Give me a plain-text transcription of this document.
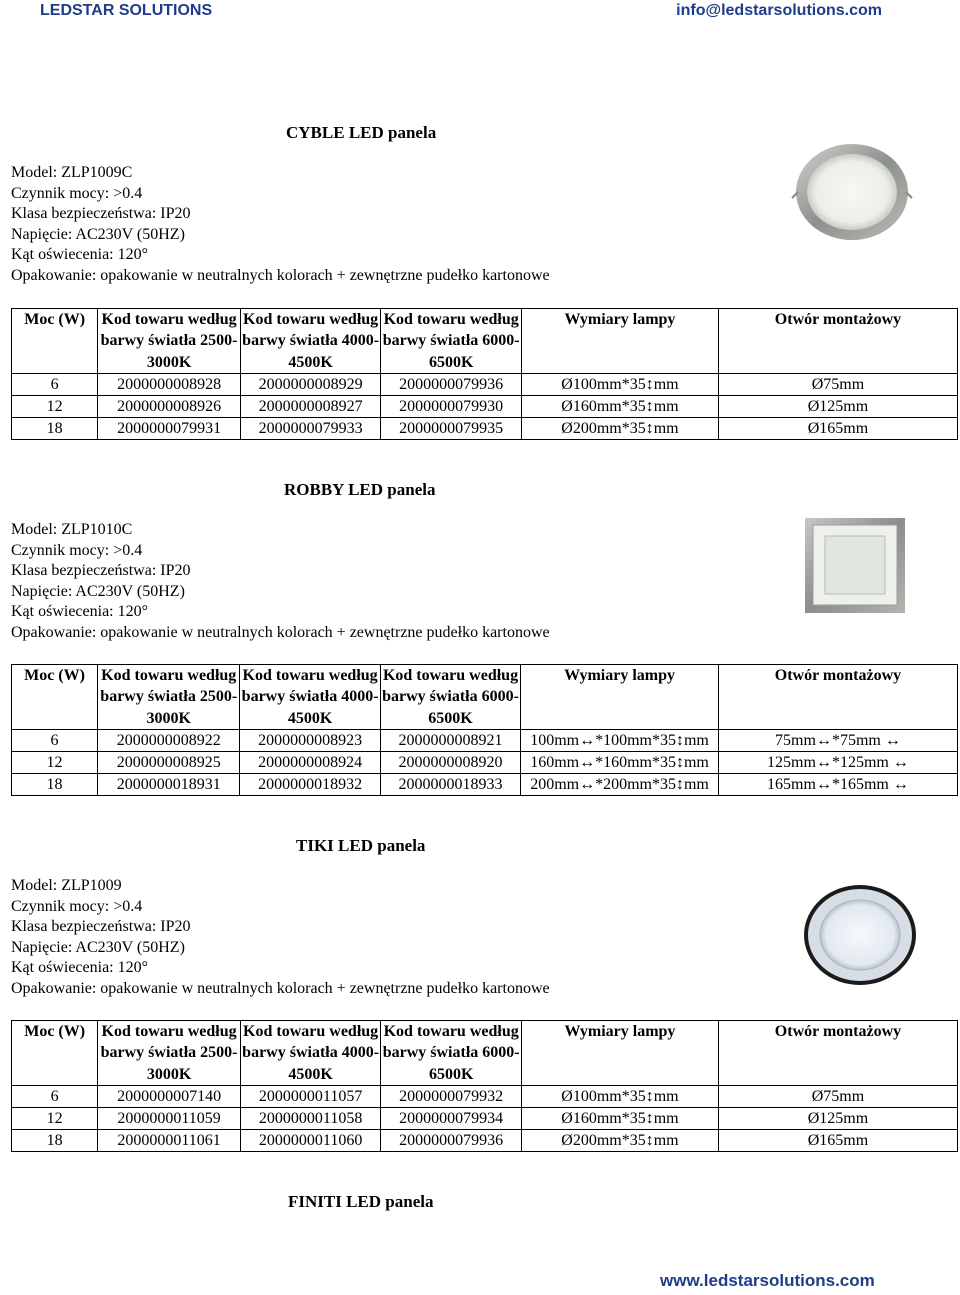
LEDSTAR SOLUTIONS	info@ledstarsolutions.com
CYBLE LED panela
Model: ZLP1009C
Czynnik mocy: >0.4
Klasa bezpieczeństwa: IP20
Napięcie: AC230V (50HZ)
Kąt oświecenia: 120°
Opakowanie: opakowanie w neutralnych kolorach + zewnętrzne pudełko kartonowe
Moc (W)	Kod towaru według barwy światła 2500-3000K	Kod towaru według barwy światła 4000-4500K	Kod towaru według barwy światła 6000-6500K	Wymiary lampy	Otwór montażowy
6	2000000008928	2000000008929	2000000079936	Ø100mm*35↕mm	Ø75mm
12	2000000008926	2000000008927	2000000079930	Ø160mm*35↕mm	Ø125mm
18	2000000079931	2000000079933	2000000079935	Ø200mm*35↕mm	Ø165mm
ROBBY LED panela
Model: ZLP1010C
Czynnik mocy: >0.4
Klasa bezpieczeństwa: IP20
Napięcie: AC230V (50HZ)
Kąt oświecenia: 120°
Opakowanie: opakowanie w neutralnych kolorach + zewnętrzne pudełko kartonowe
Moc (W)	Kod towaru według barwy światła 2500-3000K	Kod towaru według barwy światła 4000-4500K	Kod towaru według barwy światła 6000-6500K	Wymiary lampy	Otwór montażowy
6	2000000008922	2000000008923	2000000008921	100mm↔*100mm*35↕mm	75mm↔*75mm ↔
12	2000000008925	2000000008924	2000000008920	160mm↔*160mm*35↕mm	125mm↔*125mm ↔
18	2000000018931	2000000018932	2000000018933	200mm↔*200mm*35↕mm	165mm↔*165mm ↔
TIKI LED panela
Model: ZLP1009
Czynnik mocy: >0.4
Klasa bezpieczeństwa: IP20
Napięcie: AC230V (50HZ)
Kąt oświecenia: 120°
Opakowanie: opakowanie w neutralnych kolorach + zewnętrzne pudełko kartonowe
Moc (W)	Kod towaru według barwy światła 2500-3000K	Kod towaru według barwy światła 4000-4500K	Kod towaru według barwy światła 6000-6500K	Wymiary lampy	Otwór montażowy
6	2000000007140	2000000011057	2000000079932	Ø100mm*35↕mm	Ø75mm
12	2000000011059	2000000011058	2000000079934	Ø160mm*35↕mm	Ø125mm
18	2000000011061	2000000011060	2000000079936	Ø200mm*35↕mm	Ø165mm
FINITI LED panela
www.ledstarsolutions.com
